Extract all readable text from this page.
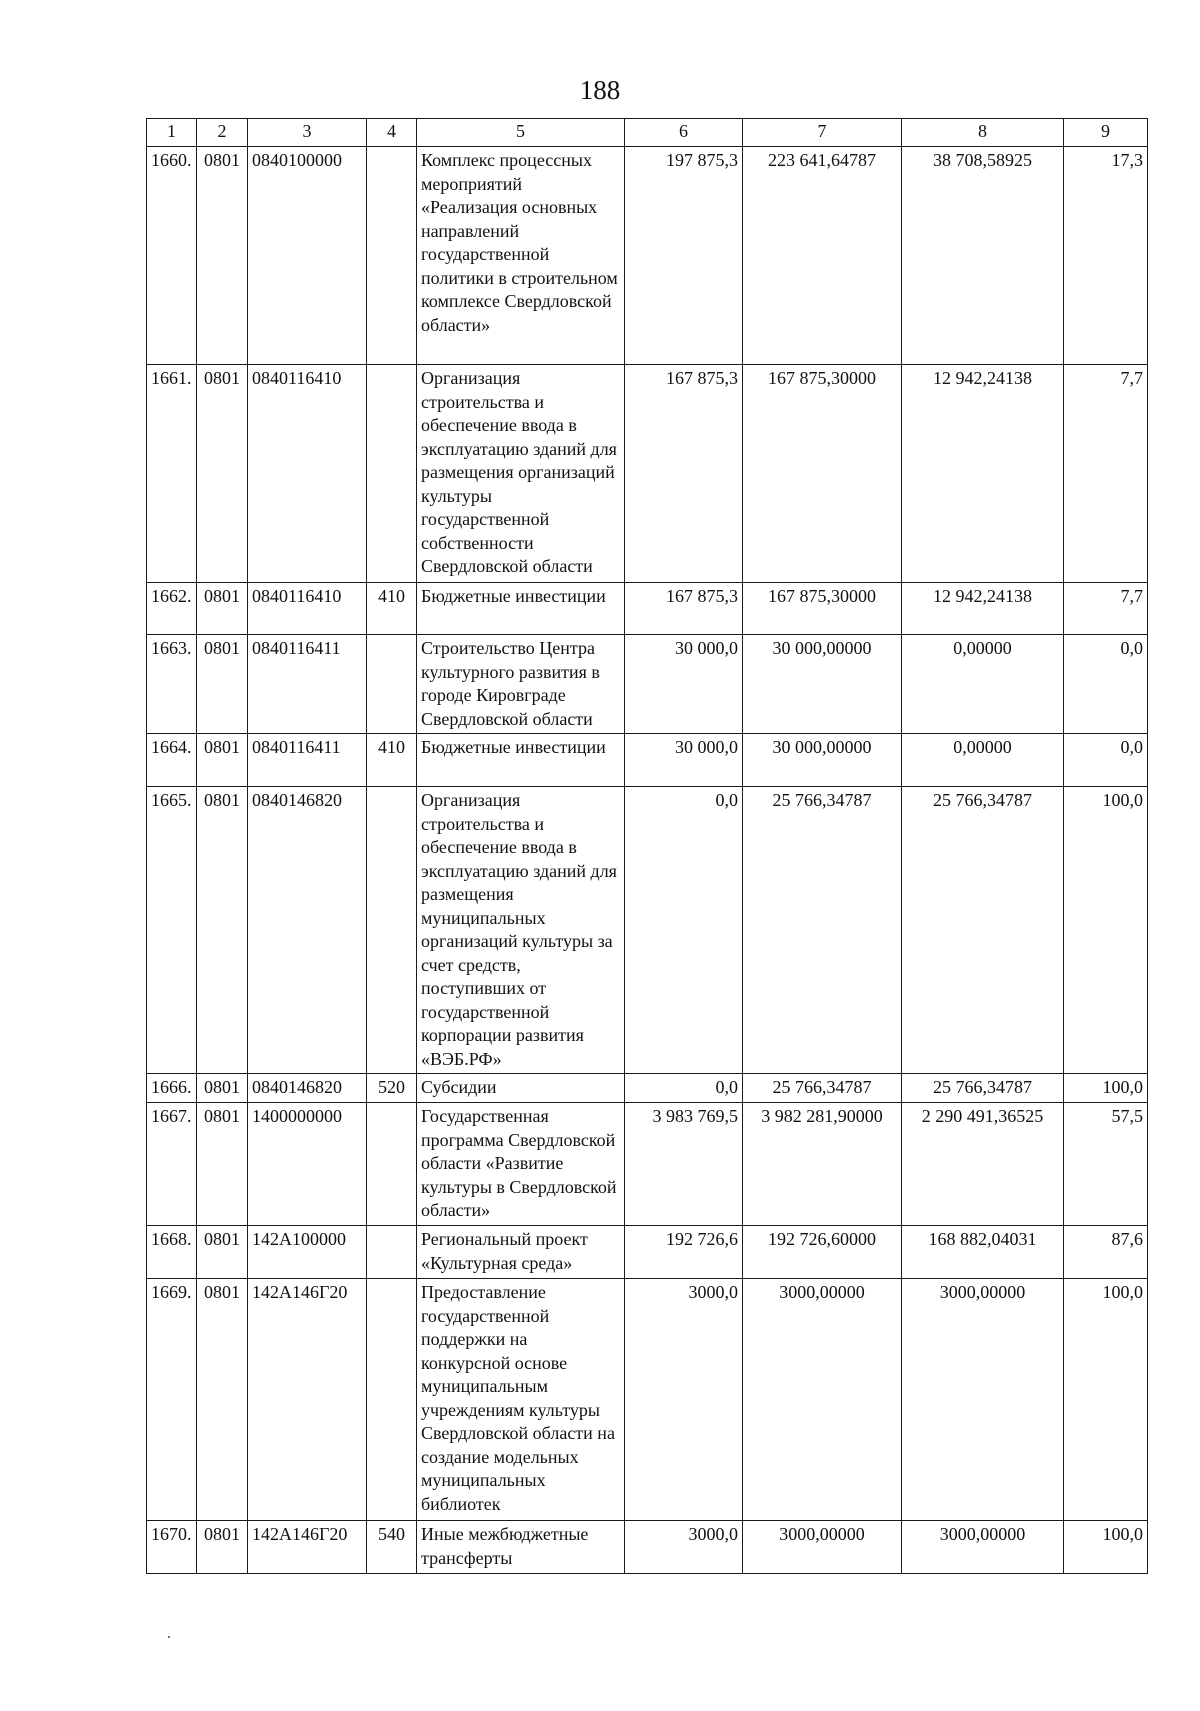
188
1	2	3	4	5	6	7	8	9
1660.	0801	0840100000		Комплекс процессных мероприятий «Реализация основных направлений государственной политики в строительном комплексе Свердловской области»	197 875,3	223 641,64787	38 708,58925	17,3
1661.	0801	0840116410		Организация строительства и обеспечение ввода в эксплуатацию зданий для размещения организаций культуры государственной собственности Свердловской области	167 875,3	167 875,30000	12 942,24138	7,7
1662.	0801	0840116410	410	Бюджетные инвестиции	167 875,3	167 875,30000	12 942,24138	7,7
1663.	0801	0840116411		Строительство Центра культурного развития в городе Кировграде Свердловской области	30 000,0	30 000,00000	0,00000	0,0
1664.	0801	0840116411	410	Бюджетные инвестиции	30 000,0	30 000,00000	0,00000	0,0
1665.	0801	0840146820		Организация строительства и обеспечение ввода в эксплуатацию зданий для размещения муниципальных организаций культуры за счет средств, поступивших от государственной корпорации развития «ВЭБ.РФ»	0,0	25 766,34787	25 766,34787	100,0
1666.	0801	0840146820	520	Субсидии	0,0	25 766,34787	25 766,34787	100,0
1667.	0801	1400000000		Государственная программа Свердловской области «Развитие культуры в Свердловской области»	3 983 769,5	3 982 281,90000	2 290 491,36525	57,5
1668.	0801	142A100000		Региональный проект «Культурная среда»	192 726,6	192 726,60000	168 882,04031	87,6
1669.	0801	142A146Г20		Предоставление государственной поддержки на конкурсной основе муниципальным учреждениям культуры Свердловской области на создание модельных муниципальных библиотек	3000,0	3000,00000	3000,00000	100,0
1670.	0801	142A146Г20	540	Иные межбюджетные трансферты	3000,0	3000,00000	3000,00000	100,0
